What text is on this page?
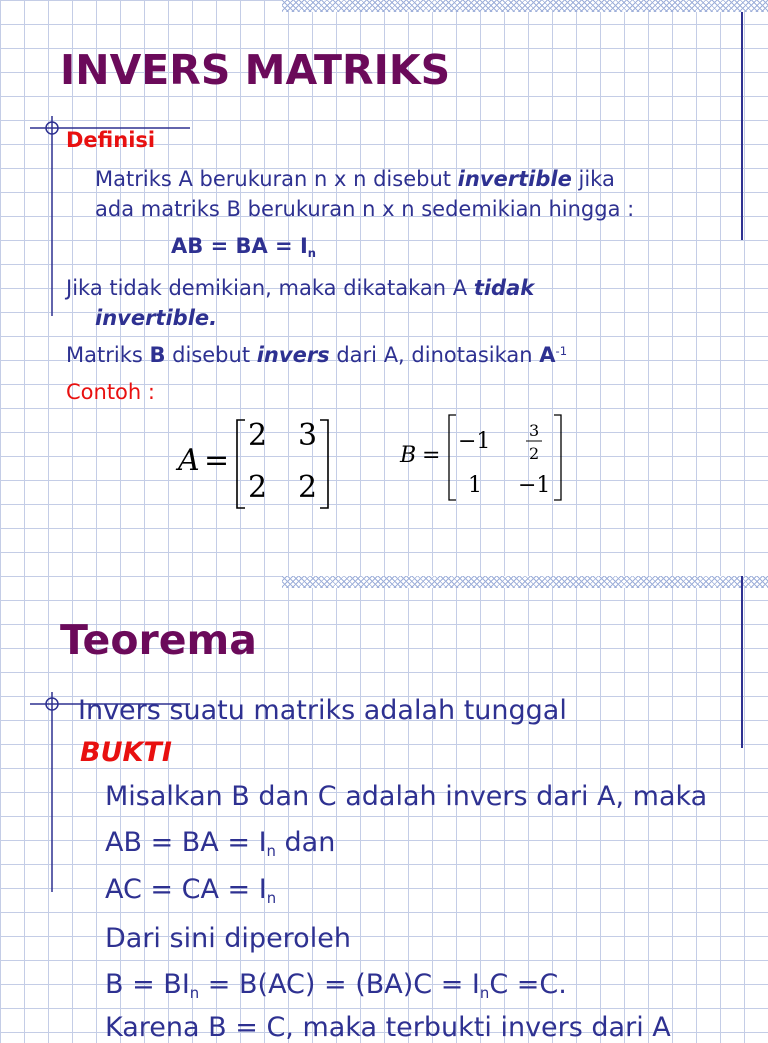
INVERS MATRIKS
Definisi
Matriks A berukuran n x n disebut invertible jika
ada matriks B berukuran n x n sedemikian hingga :
AB = BA = $I_n$
Jika tidak demikian, maka dikatakan A tidak
invertible.
Matriks B disebut invers dari A, dinotasikan $A^{-1}$
Contoh :
A =
2 3
2 2
B =
−1 3
2
1 −1
Teorema
Invers suatu matriks adalah tunggal
BUKTI
Misalkan B dan C adalah invers dari A, maka
AB = BA = $I_n$ dan
AC = CA = $I_n$
Dari sini diperoleh
$B = BI_n = B(AC) = (BA)C = I_nC =C$.
Karena B = C, maka terbukti invers dari A
